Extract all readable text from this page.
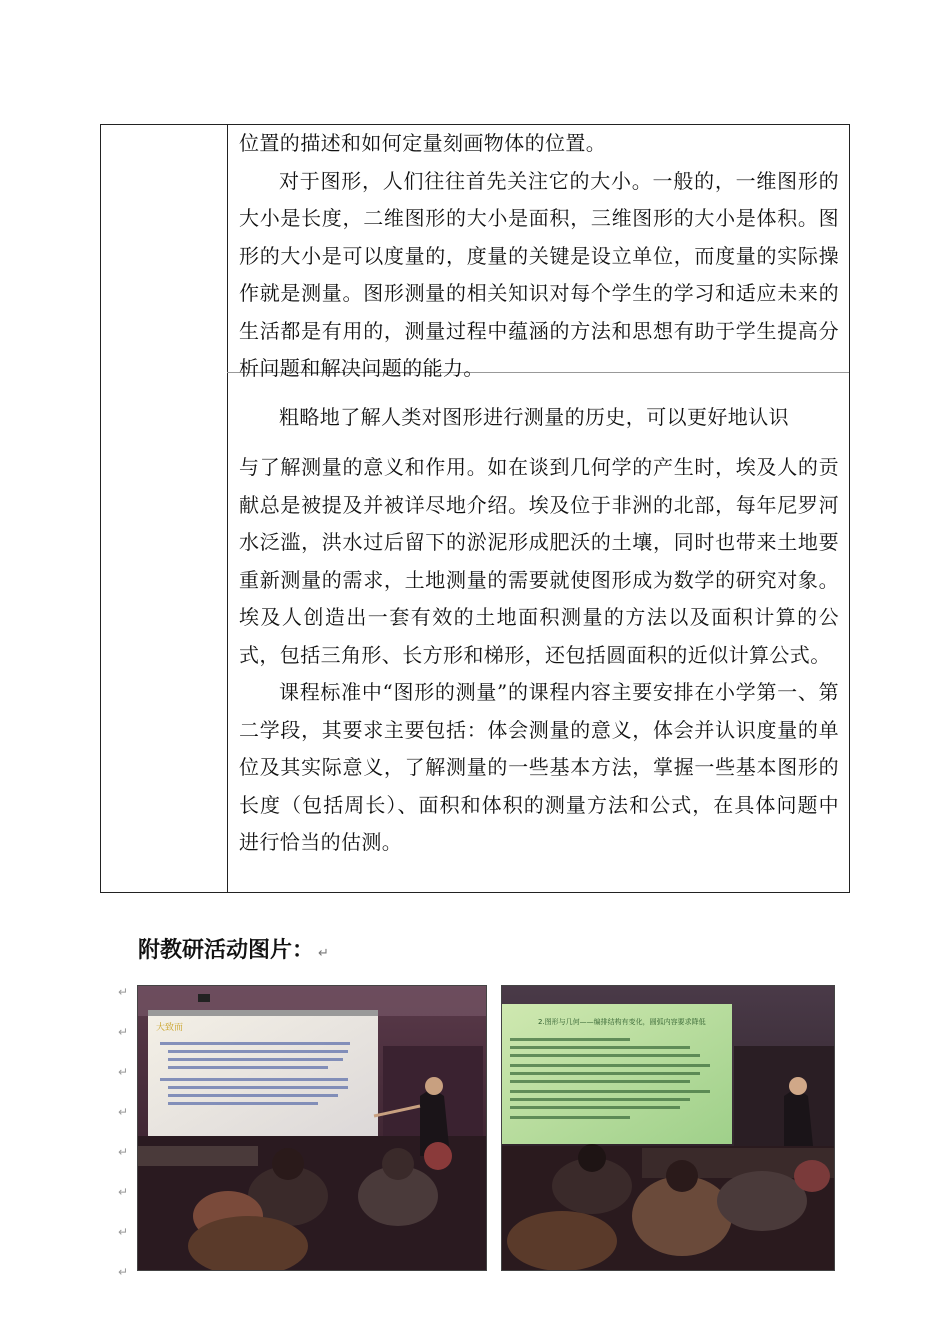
位置的描述和如何定量刻画物体的位置。

对于图形，人们往往首先关注它的大小。一般的，一维图形的大小是长度，二维图形的大小是面积，三维图形的大小是体积。图形的大小是可以度量的，度量的关键是设立单位，而度量的实际操作就是测量。图形测量的相关知识对每个学生的学习和适应未来的生活都是有用的，测量过程中蕴涵的方法和思想有助于学生提高分析问题和解决问题的能力。

粗略地了解人类对图形进行测量的历史，可以更好地认识

与了解测量的意义和作用。如在谈到几何学的产生时，埃及人的贡献总是被提及并被详尽地介绍。埃及位于非洲的北部，每年尼罗河水泛滥，洪水过后留下的淤泥形成肥沃的土壤，同时也带来土地要重新测量的需求，土地测量的需要就使图形成为数学的研究对象。埃及人创造出一套有效的土地面积测量的方法以及面积计算的公式，包括三角形、长方形和梯形，还包括圆面积的近似计算公式。

课程标准中“图形的测量”的课程内容主要安排在小学第一、第二学段，其要求主要包括：体会测量的意义，体会并认识度量的单位及其实际意义，了解测量的一些基本方法，掌握一些基本图形的长度（包括周长）、面积和体积的测量方法和公式，在具体问题中进行恰当的估测。

附教研活动图片： ↵
↵
↵
↵
↵
↵
↵
↵
↵
大致而
2.图形与几何——编排结构有变化，圆弧内容要求降低
